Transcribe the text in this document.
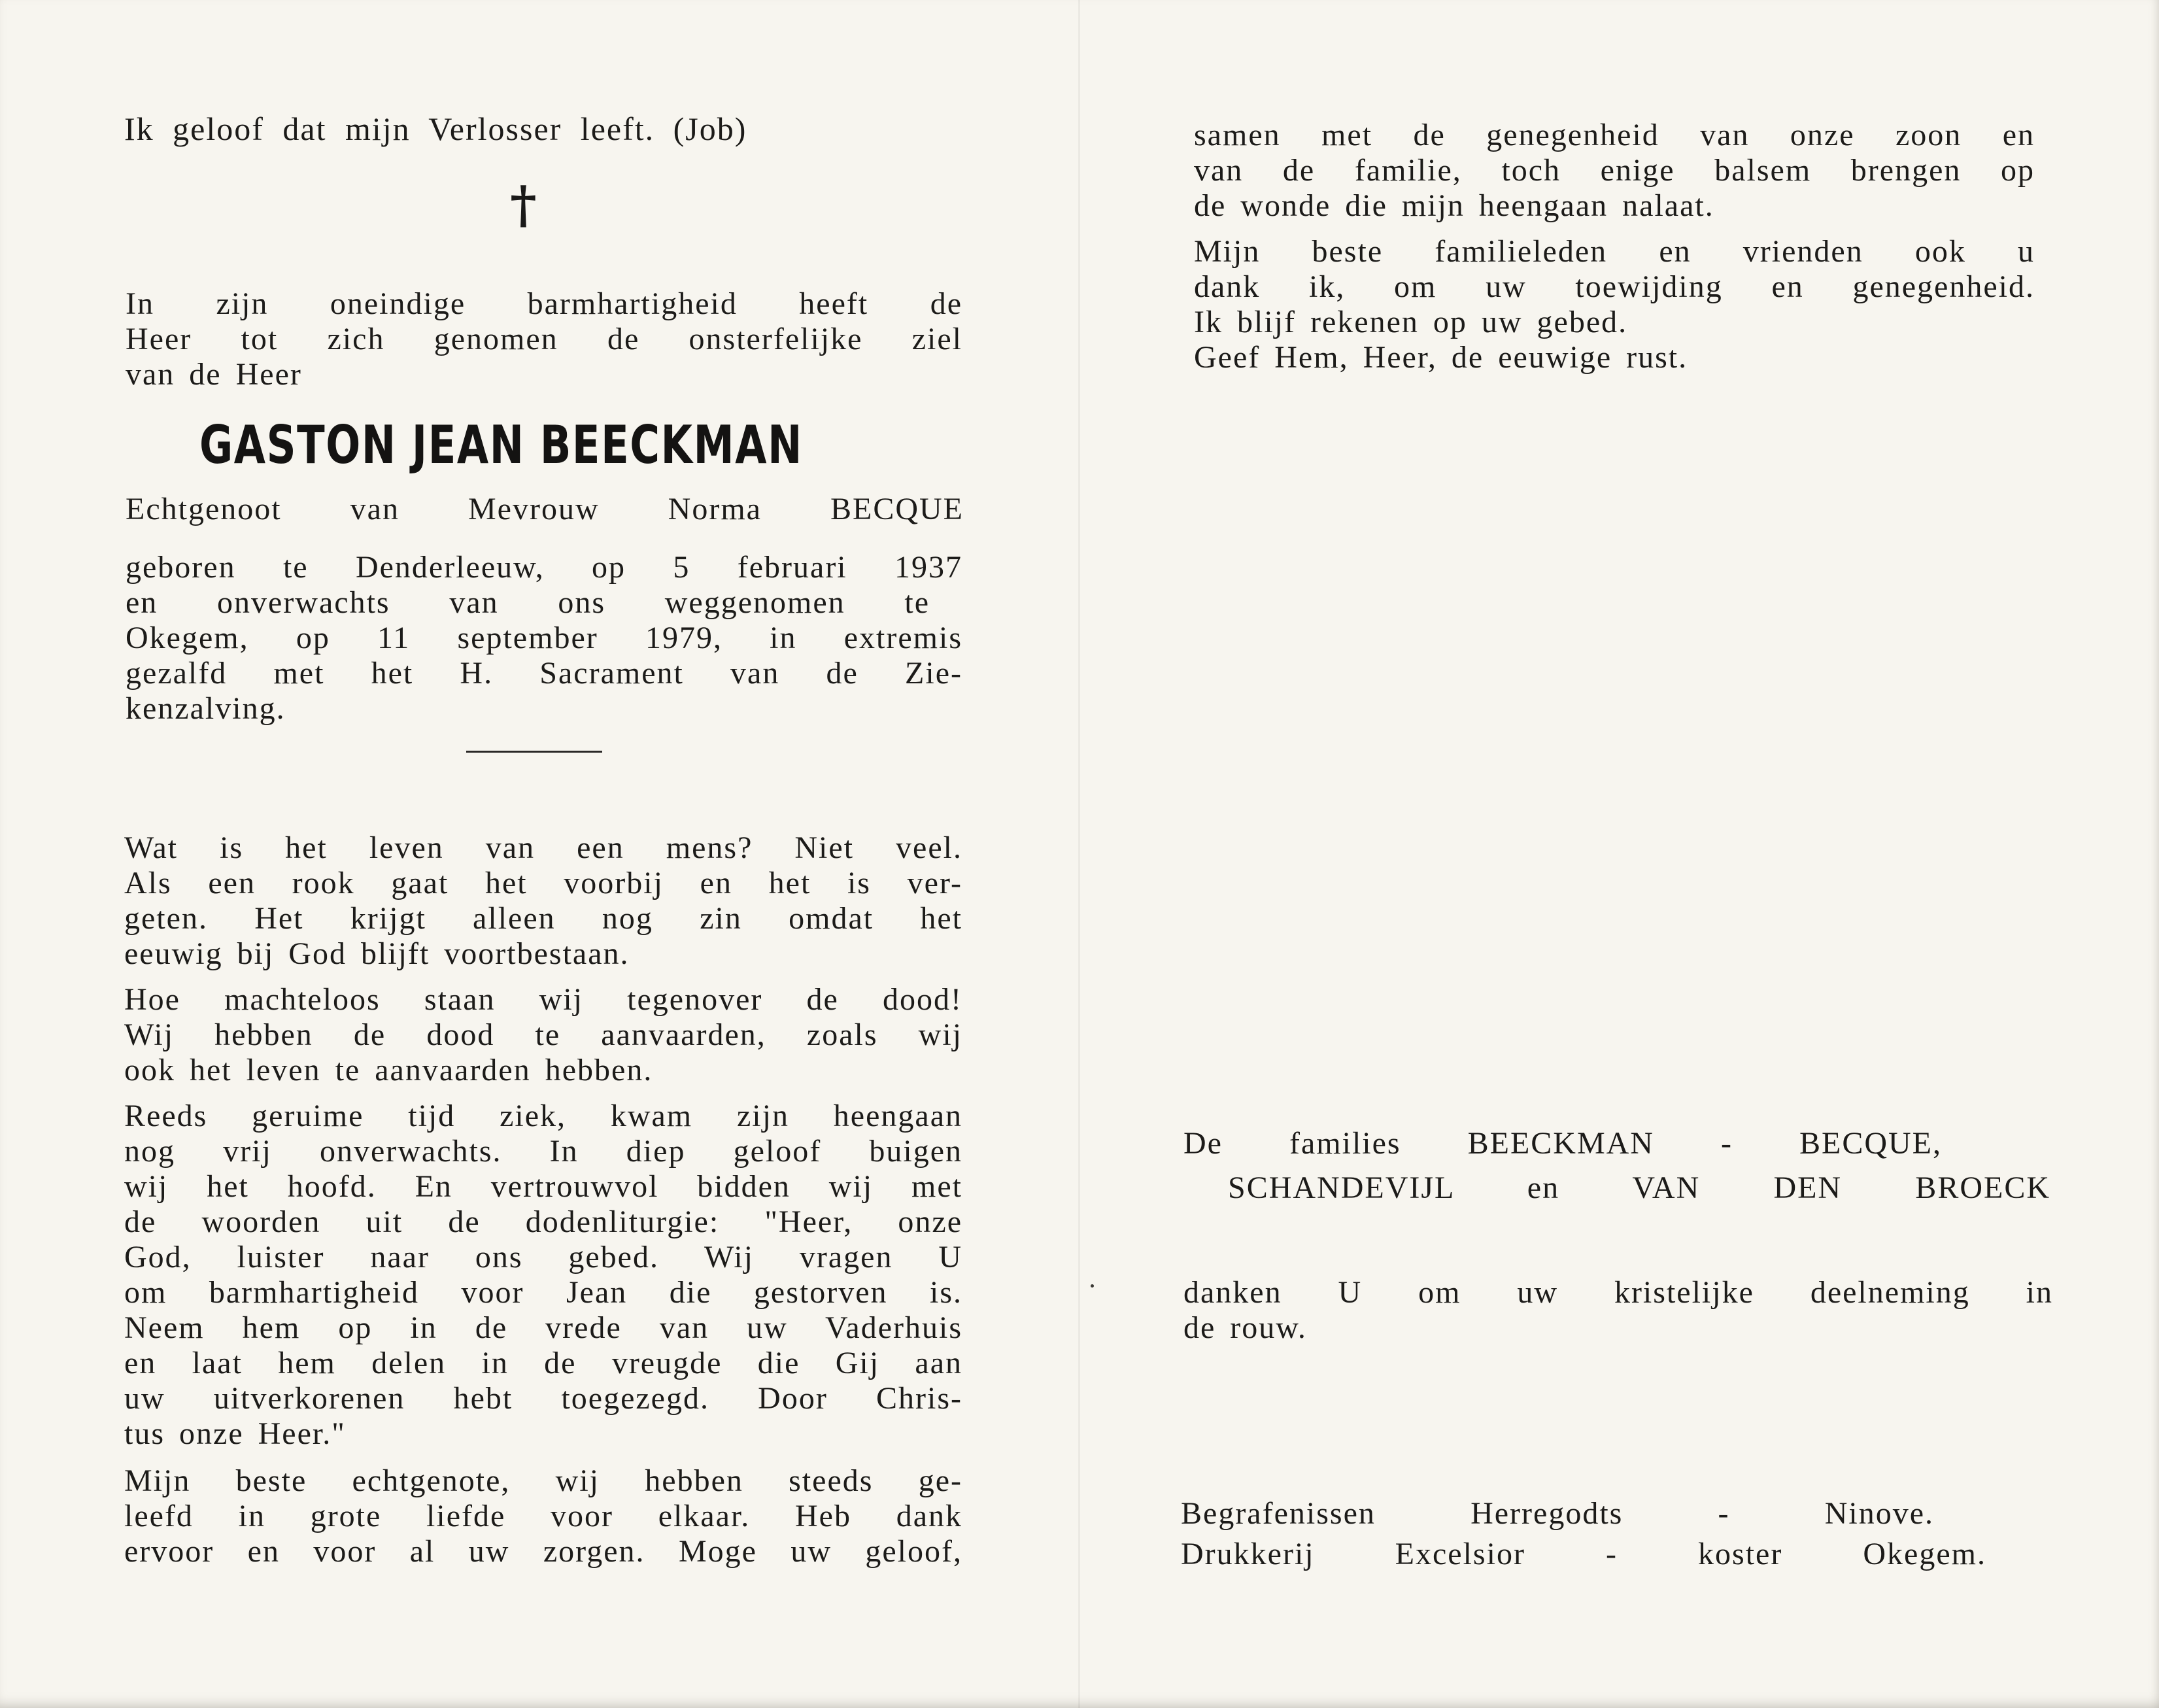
Ik geloof dat mijn Verlosser leeft. (Job)

†
In zijn oneindige barmhartigheid heeft de
Heer tot zich genomen de onsterfelijke ziel
van de Heer

GASTON JEAN BEECKMAN

Echtgenoot van Mevrouw Norma BECQUE
geboren te Denderleeuw, op 5 februari 1937
en onverwachts van ons weggenomen te
Okegem, op 11 september 1979, in extremis
gezalfd met het H. Sacrament van de Zie-
kenzalving.
Wat is het leven van een mens? Niet veel.
Als een rook gaat het voorbij en het is ver-
geten. Het krijgt alleen nog zin omdat het
eeuwig bij God blijft voortbestaan.
Hoe machteloos staan wij tegenover de dood!
Wij hebben de dood te aanvaarden, zoals wij
ook het leven te aanvaarden hebben.
Reeds geruime tijd ziek, kwam zijn heengaan
nog vrij onverwachts. In diep geloof buigen
wij het hoofd. En vertrouwvol bidden wij met
de woorden uit de dodenliturgie: "Heer, onze
God, luister naar ons gebed. Wij vragen U
om barmhartigheid voor Jean die gestorven is.
Neem hem op in de vrede van uw Vaderhuis
en laat hem delen in de vreugde die Gij aan
uw uitverkorenen hebt toegezegd. Door Chris-
tus onze Heer."
Mijn beste echtgenote, wij hebben steeds ge-
leefd in grote liefde voor elkaar. Heb dank
ervoor en voor al uw zorgen. Moge uw geloof,
samen met de genegenheid van onze zoon en
van de familie, toch enige balsem brengen op
de wonde die mijn heengaan nalaat.
Mijn beste familieleden en vrienden ook u
dank ik, om uw toewijding en genegenheid.
Ik blijf rekenen op uw gebed.
Geef Hem, Heer, de eeuwige rust.
De families BEECKMAN - BECQUE,
SCHANDEVIJL en VAN DEN BROECK
danken U om uw kristelijke deelneming in
de rouw.
Begrafenissen Herregodts - Ninove.
Drukkerij Excelsior - koster Okegem.
